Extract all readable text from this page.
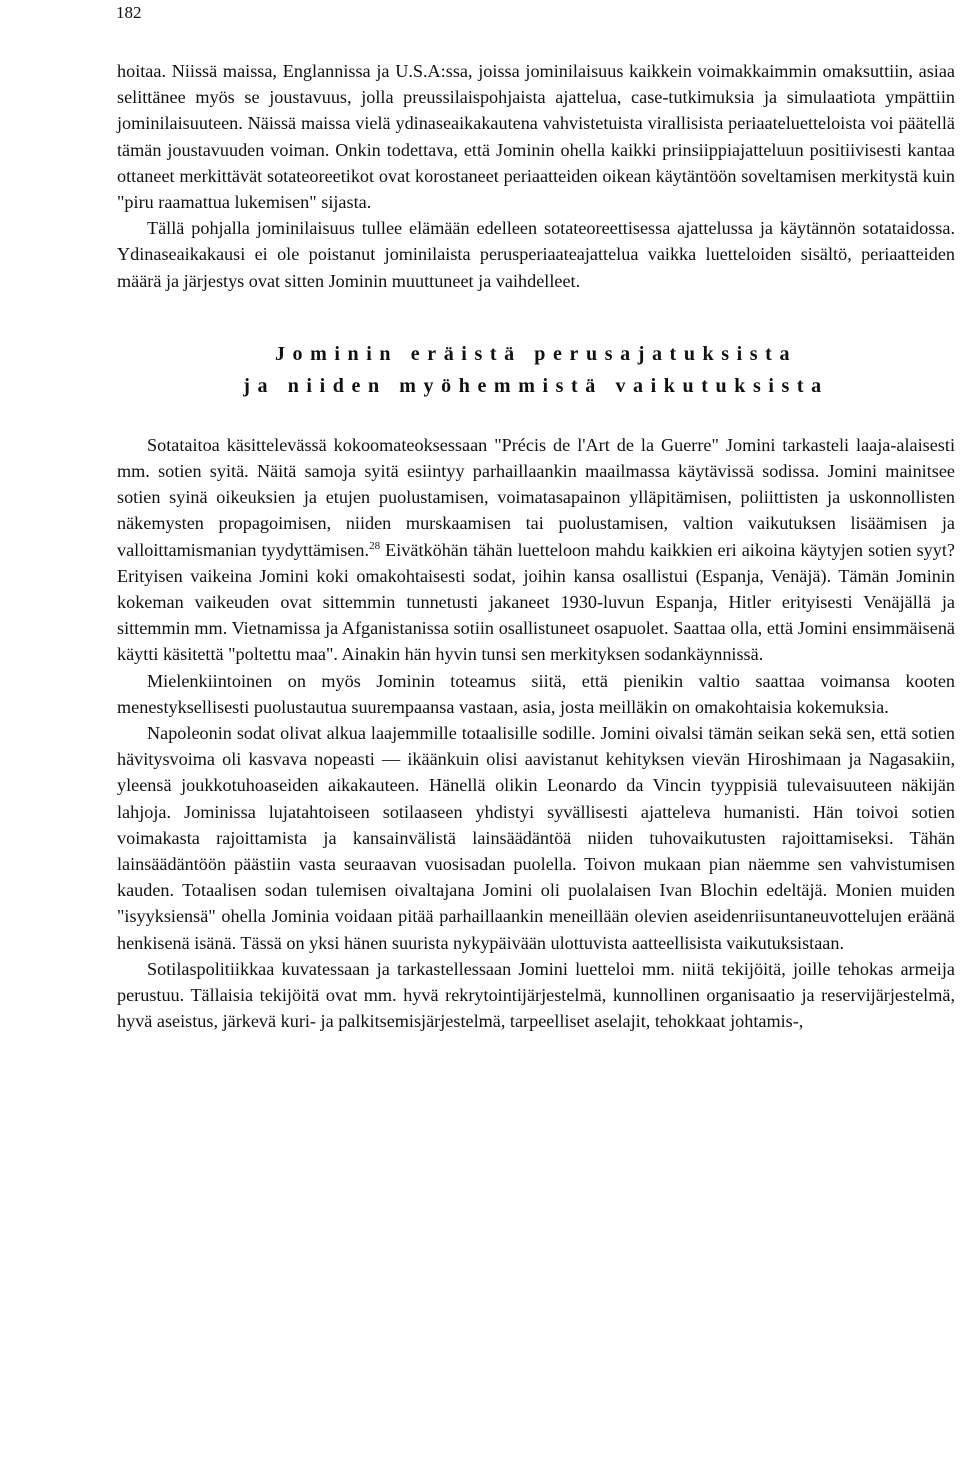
182

hoitaa. Niissä maissa, Englannissa ja U.S.A:ssa, joissa jominilaisuus kaikkein voimakkaimmin omaksuttiin, asiaa selittänee myös se joustavuus, jolla preussilaispohjaista ajattelua, case-tutkimuksia ja simulaatiota ympättiin jominilaisuuteen. Näissä maissa vielä ydinaseaikakautena vahvistetuista virallisista periaateluetteloista voi päätellä tämän joustavuuden voiman. Onkin todettava, että Jominin ohella kaikki prinsiippiajatteluun positiivisesti kantaa ottaneet merkittävät sotateoreetikot ovat korostaneet periaatteiden oikean käytäntöön soveltamisen merkitystä kuin "piru raamattua lukemisen" sijasta.

Tällä pohjalla jominilaisuus tullee elämään edelleen sotateoreettisessa ajattelussa ja käytännön sotataidossa. Ydinaseaikakausi ei ole poistanut jominilaista perusperiaateajattelua vaikka luetteloiden sisältö, periaatteiden määrä ja järjestys ovat sitten Jominin muuttuneet ja vaihdelleet.

Jominin eräistä perusajatuksista
ja niiden myöhemmistä vaikutuksista

Sotataitoa käsittelevässä kokoomateoksessaan "Précis de l'Art de la Guerre" Jomini tarkasteli laaja-alaisesti mm. sotien syitä. Näitä samoja syitä esiintyy parhaillaankin maailmassa käytävissä sodissa. Jomini mainitsee sotien syinä oikeuksien ja etujen puolustamisen, voimatasapainon ylläpitämisen, poliittisten ja uskonnollisten näkemysten propagoimisen, niiden murskaamisen tai puolustamisen, valtion vaikutuksen lisäämisen ja valloittamismanian tyydyttämisen.$^{28}$ Eivätköhän tähän luetteloon mahdu kaikkien eri aikoina käytyjen sotien syyt? Erityisen vaikeina Jomini koki omakohtaisesti sodat, joihin kansa osallistui (Espanja, Venäjä). Tämän Jominin kokeman vaikeuden ovat sittemmin tunnetusti jakaneet 1930-luvun Espanja, Hitler erityisesti Venäjällä ja sittemmin mm. Vietnamissa ja Afganistanissa sotiin osallistuneet osapuolet. Saattaa olla, että Jomini ensimmäisenä käytti käsitettä "poltettu maa". Ainakin hän hyvin tunsi sen merkityksen sodankäynnissä.

Mielenkiintoinen on myös Jominin toteamus siitä, että pienikin valtio saattaa voimansa kooten menestyksellisesti puolustautua suurempaansa vastaan, asia, josta meilläkin on omakohtaisia kokemuksia.

Napoleonin sodat olivat alkua laajemmille totaalisille sodille. Jomini oivalsi tämän seikan sekä sen, että sotien hävitysvoima oli kasvava nopeasti — ikäänkuin olisi aavistanut kehityksen vievän Hiroshimaan ja Nagasakiin, yleensä joukkotuhoaseiden aikakauteen. Hänellä olikin Leonardo da Vincin tyyppisiä tulevaisuuteen näkijän lahjoja. Jominissa lujatahtoiseen sotilaaseen yhdistyi syvällisesti ajatteleva humanisti. Hän toivoi sotien voimakasta rajoittamista ja kansainvälistä lainsäädäntöä niiden tuhovaikutusten rajoittamiseksi. Tähän lainsäädäntöön päästiin vasta seuraavan vuosisadan puolella. Toivon mukaan pian näemme sen vahvistumisen kauden. Totaalisen sodan tulemisen oivaltajana Jomini oli puolalaisen Ivan Blochin edeltäjä. Monien muiden "isyyksiensä" ohella Jominia voidaan pitää parhaillaankin meneillään olevien aseidenriisuntaneuvottelujen eräänä henkisenä isänä. Tässä on yksi hänen suurista nykypäivään ulottuvista aatteellisista vaikutuksistaan.

Sotilaspolitiikkaa kuvatessaan ja tarkastellessaan Jomini luetteloi mm. niitä tekijöitä, joille tehokas armeija perustuu. Tällaisia tekijöitä ovat mm. hyvä rekrytointijärjestelmä, kunnollinen organisaatio ja reservijärjestelmä, hyvä aseistus, järkevä kuri- ja palkitsemisjärjestelmä, tarpeelliset aselajit, tehokkaat johtamis-,
